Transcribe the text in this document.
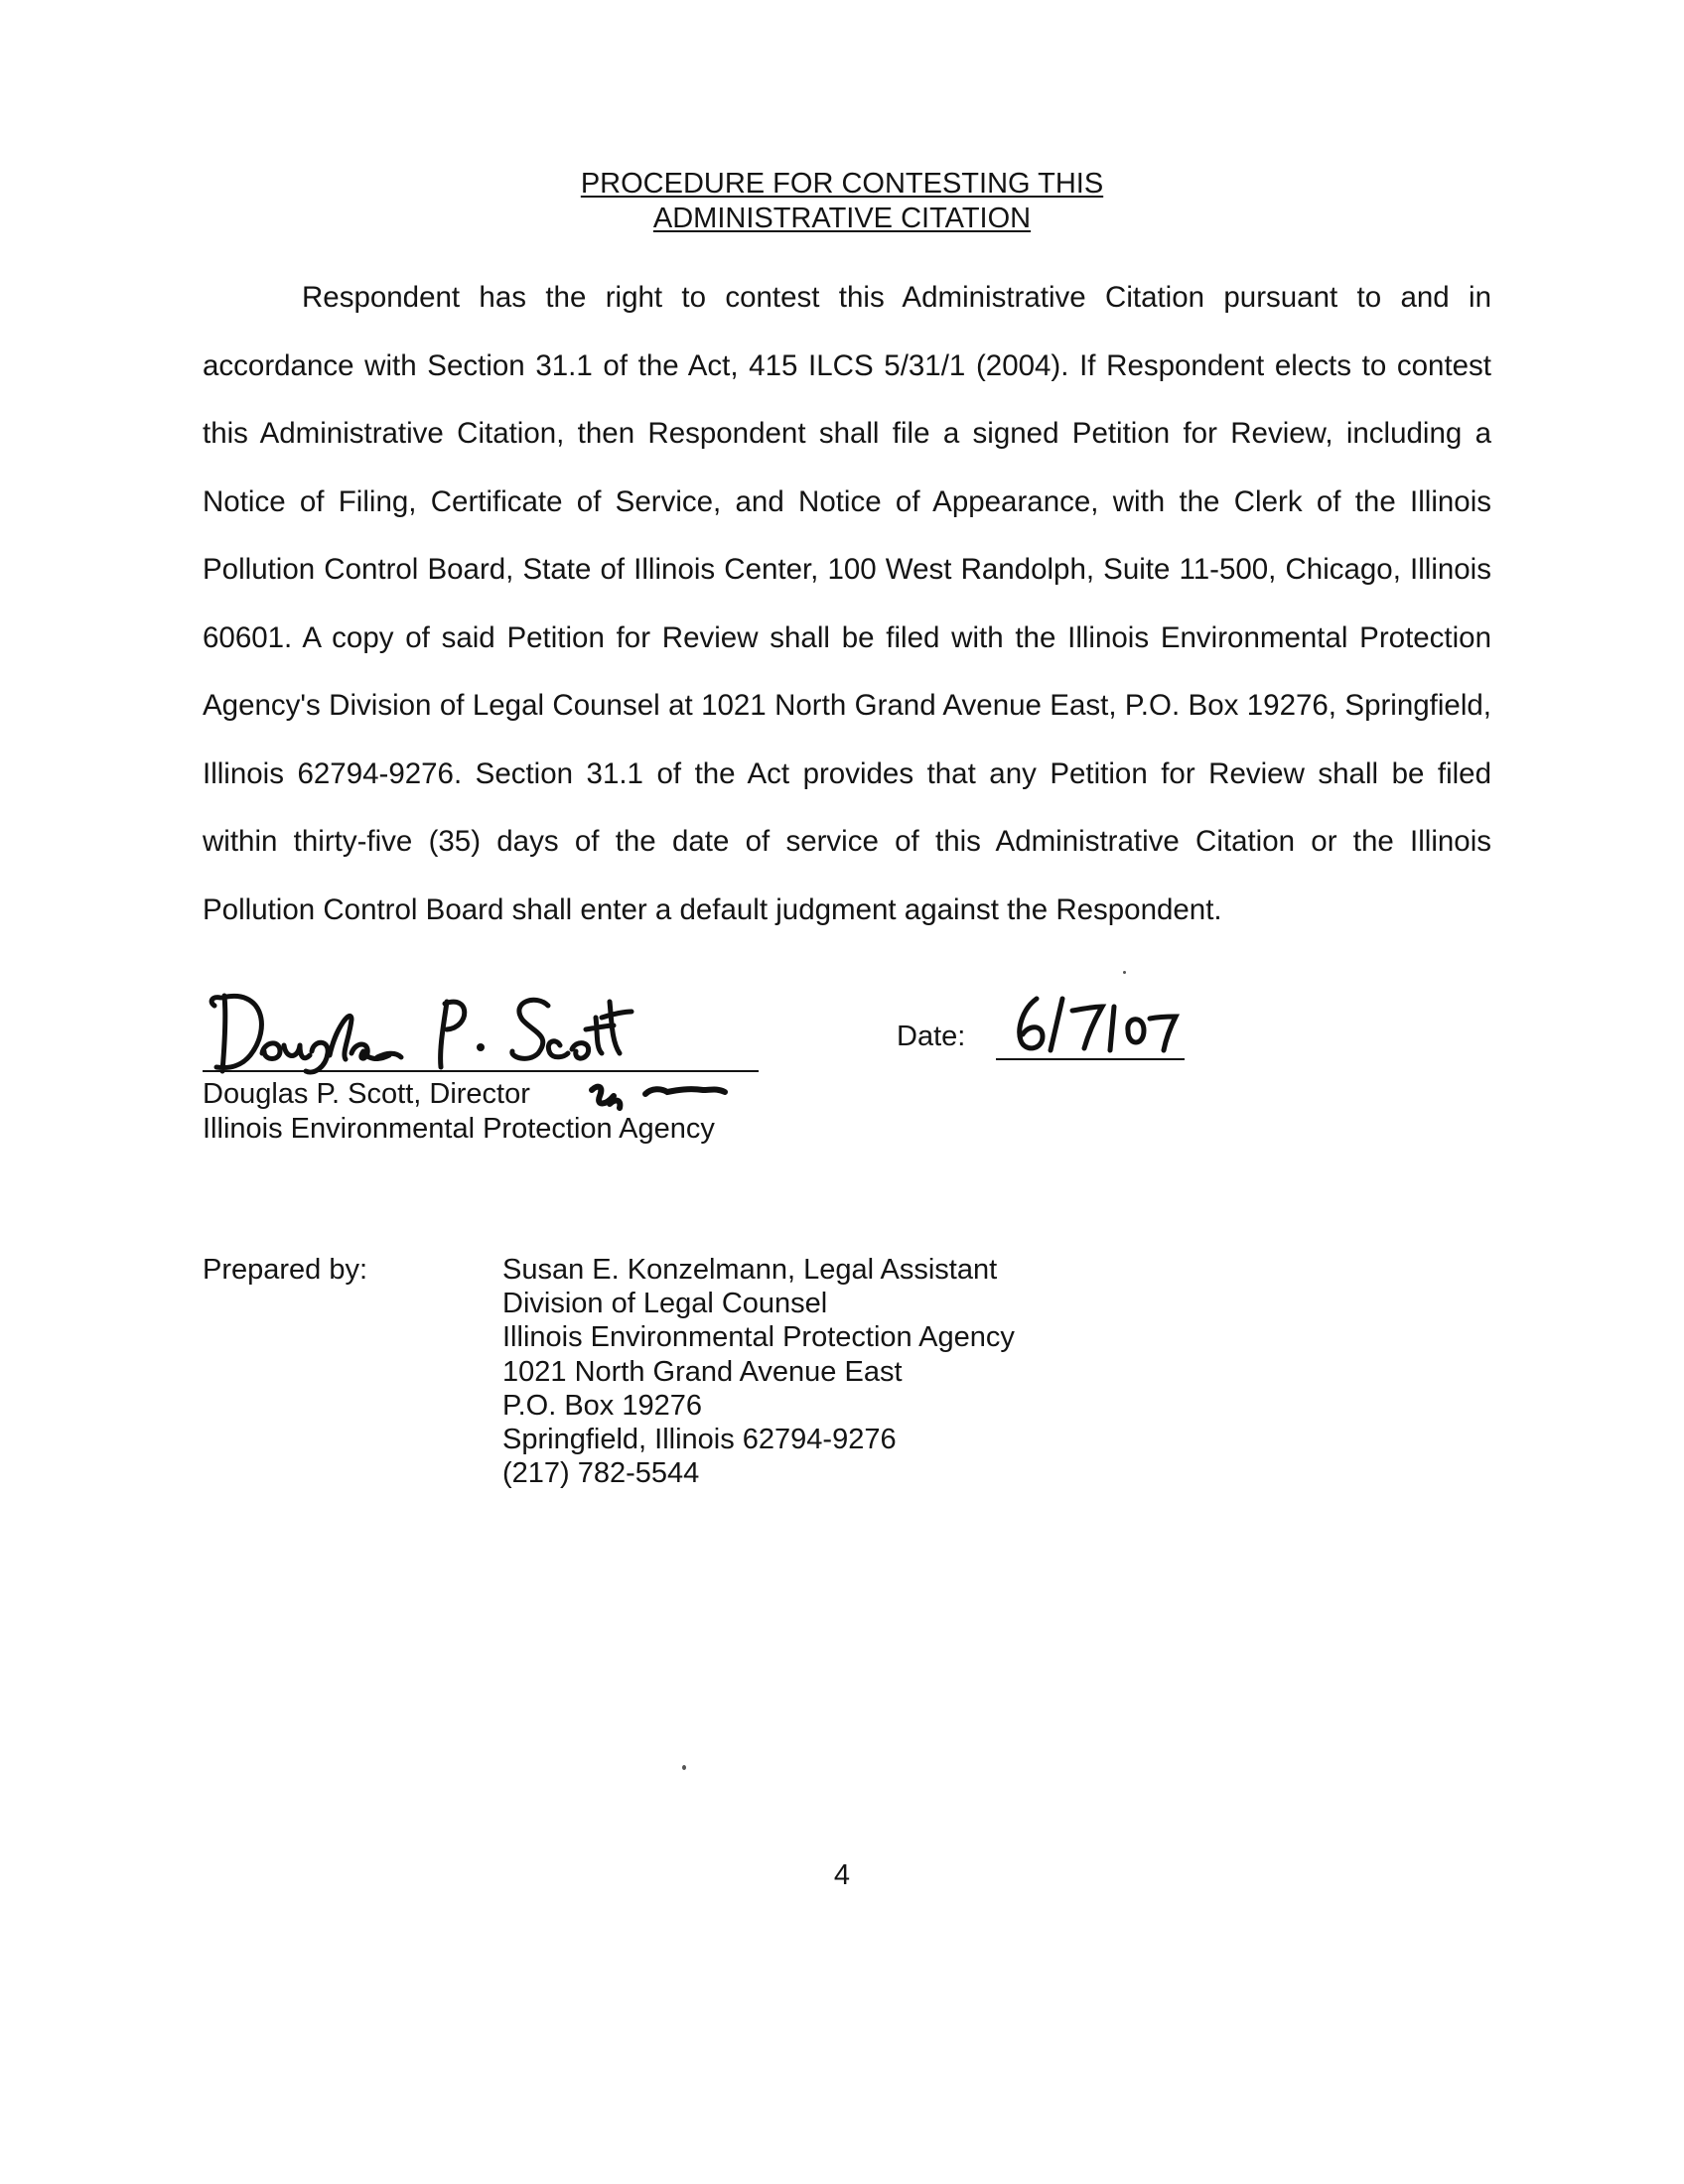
PROCEDURE FOR CONTESTING THIS
ADMINISTRATIVE CITATION

Respondent has the right to contest this Administrative Citation pursuant to and in accordance with Section 31.1 of the Act, 415 ILCS 5/31/1 (2004). If Respondent elects to contest this Administrative Citation, then Respondent shall file a signed Petition for Review, including a Notice of Filing, Certificate of Service, and Notice of Appearance, with the Clerk of the Illinois Pollution Control Board, State of Illinois Center, 100 West Randolph, Suite 11-500, Chicago, Illinois 60601. A copy of said Petition for Review shall be filed with the Illinois Environmental Protection Agency's Division of Legal Counsel at 1021 North Grand Avenue East, P.O. Box 19276, Springfield, Illinois 62794-9276. Section 31.1 of the Act provides that any Petition for Review shall be filed within thirty-five (35) days of the date of service of this Administrative Citation or the Illinois Pollution Control Board shall enter a default judgment against the Respondent.

Douglas P. Scott, Director
Illinois Environmental Protection Agency
Date:
Prepared by:	Susan E. Konzelmann, Legal Assistant
Division of Legal Counsel
Illinois Environmental Protection Agency
1021 North Grand Avenue East
P.O. Box 19276
Springfield, Illinois 62794-9276
(217) 782-5544
4
